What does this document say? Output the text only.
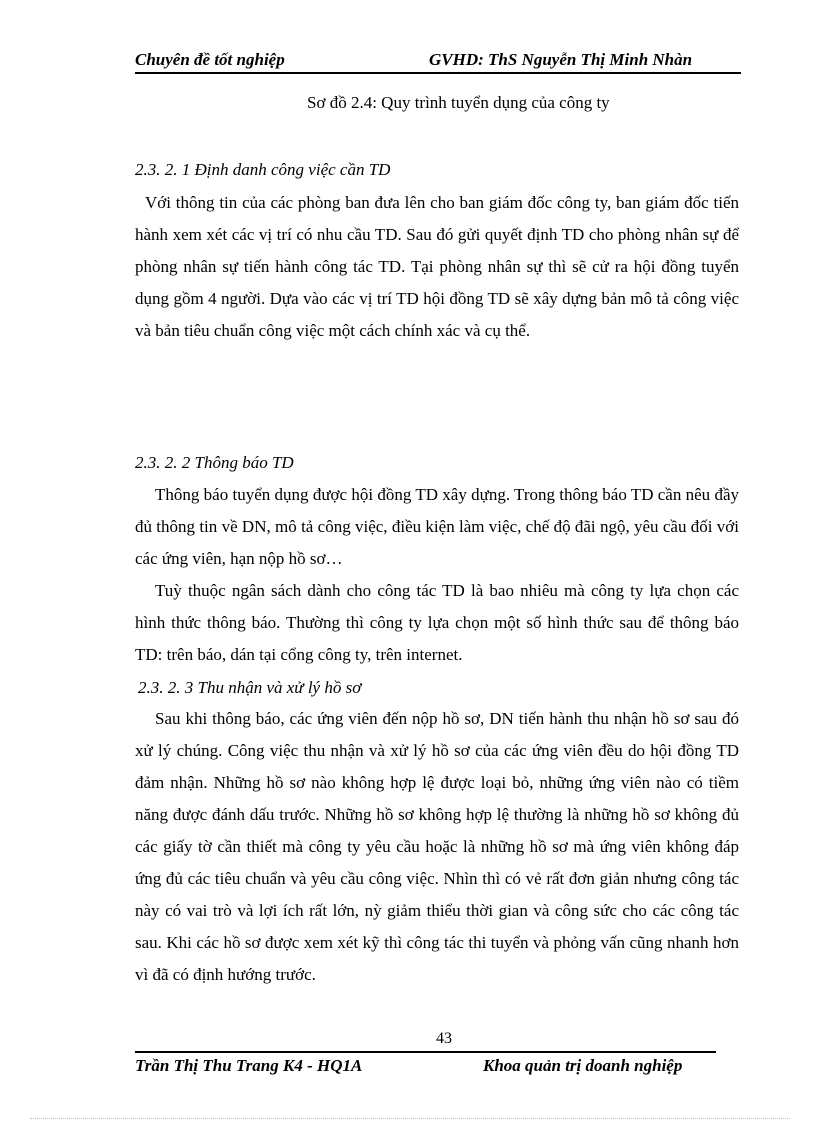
Chuyên đề tốt nghiệp	GVHD: ThS Nguyễn Thị Minh Nhàn
Sơ đồ 2.4: Quy trình tuyển dụng của công ty
2.3. 2. 1 Định danh công việc cần TD

Với thông tin của các phòng ban đưa lên cho ban giám đốc công ty, ban giám đốc tiến hành xem xét các vị trí có nhu cầu TD. Sau đó gửi quyết định TD cho phòng nhân sự để phòng nhân sự tiến hành công tác TD. Tại phòng nhân sự thì sẽ cử ra hội đồng tuyển dụng gồm 4 người. Dựa vào các vị trí TD hội đồng TD sẽ xây dựng bản mô tả công việc và bản tiêu chuẩn công việc một cách chính xác và cụ thể.

2.3. 2. 2 Thông báo TD

Thông báo tuyển dụng được hội đồng TD xây dựng. Trong thông báo TD cần nêu đầy đủ thông tin về DN, mô tả công việc, điều kiện làm việc, chế độ đãi ngộ, yêu cầu đối với các ứng viên, hạn nộp hồ sơ…

Tuỳ thuộc ngân sách dành cho công tác TD là bao nhiêu mà công ty lựa chọn các hình thức thông báo. Thường thì công ty lựa chọn một số hình thức sau để thông báo TD: trên báo, dán tại cổng công ty, trên internet.

2.3. 2. 3 Thu nhận và xử lý hồ sơ

Sau khi thông báo, các ứng viên đến nộp hồ sơ, DN tiến hành thu nhận hồ sơ sau đó xử lý chúng. Công việc thu nhận và xử lý hồ sơ của các ứng viên đều do hội đồng TD đảm nhận. Những hồ sơ nào không hợp lệ được loại bỏ, những ứng viên nào có tiềm năng được đánh dấu trước. Những hồ sơ không hợp lệ thường là những hồ sơ không đủ các giấy tờ cần thiết mà công ty yêu cầu hoặc là những hồ sơ mà ứng viên không đáp ứng đủ các tiêu chuẩn và yêu cầu công việc. Nhìn thì có vẻ rất đơn giản nhưng công tác này có vai trò và lợi ích rất lớn, nỳ giảm thiểu thời gian và công sức cho các công tác sau. Khi các hồ sơ được xem xét kỹ thì công tác thi tuyển và phỏng vấn cũng nhanh hơn vì đã có định hướng trước.

43
Trần Thị Thu Trang K4 - HQ1A	Khoa quản trị doanh nghiệp
